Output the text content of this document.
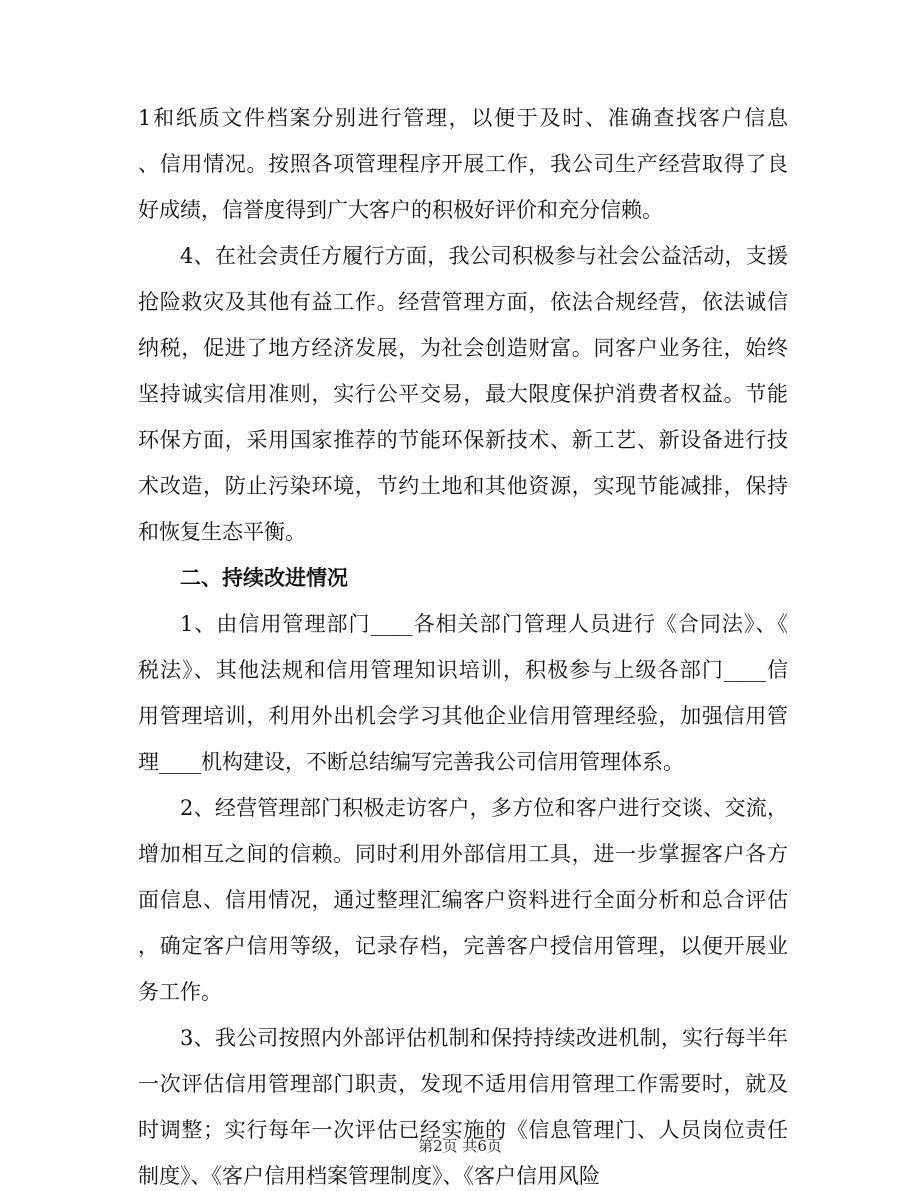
1和纸质文件档案分别进行管理，以便于及时、准确查找客户信息
、信用情况。按照各项管理程序开展工作，我公司生产经营取得了良
好成绩，信誉度得到广大客户的积极好评价和充分信赖。
4、在社会责任方履行方面，我公司积极参与社会公益活动，支援
抢险救灾及其他有益工作。经营管理方面，依法合规经营，依法诚信
纳税，促进了地方经济发展，为社会创造财富。同客户业务往，始终
坚持诚实信用准则，实行公平交易，最大限度保护消费者权益。节能
环保方面，采用国家推荐的节能环保新技术、新工艺、新设备进行技
术改造，防止污染环境，节约土地和其他资源，实现节能减排，保持
和恢复生态平衡。
二、持续改进情况
1、由信用管理部门____各相关部门管理人员进行《合同法》、《
税法》、其他法规和信用管理知识培训，积极参与上级各部门____信
用管理培训，利用外出机会学习其他企业信用管理经验，加强信用管
理____机构建设，不断总结编写完善我公司信用管理体系。
2、经营管理部门积极走访客户，多方位和客户进行交谈、交流，
增加相互之间的信赖。同时利用外部信用工具，进一步掌握客户各方
面信息、信用情况，通过整理汇编客户资料进行全面分析和总合评估
，确定客户信用等级，记录存档，完善客户授信用管理，以便开展业
务工作。
3、我公司按照内外部评估机制和保持持续改进机制，实行每半年
一次评估信用管理部门职责，发现不适用信用管理工作需要时，就及
时调整；实行每年一次评估已经实施的《信息管理门、人员岗位责任
制度》、《客户信用档案管理制度》、《客户信用风险
第2页 共6页
